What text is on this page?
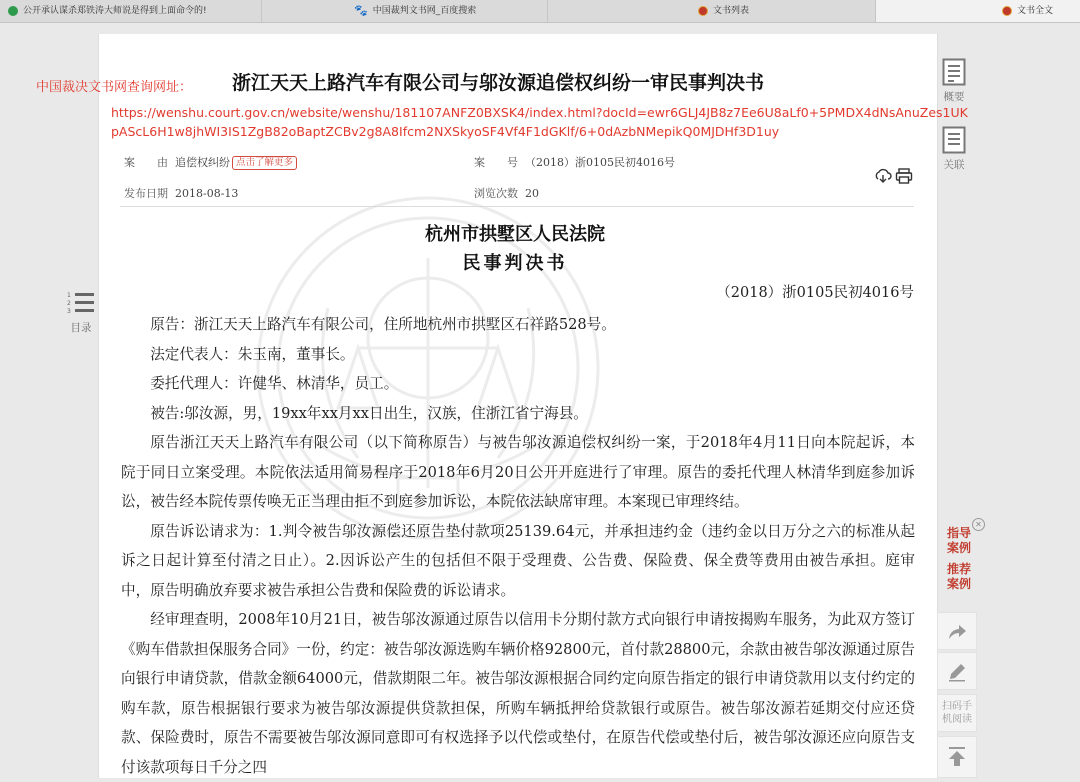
公开承认谋杀郑铁涛大师说是得到上面命令的!	🐾 中国裁判文书网_百度搜索	文书列表	文书全文
浙江天天上路汽车有限公司与邬汝源追偿权纠纷一审民事判决书
中国裁决文书网查询网址：
https://wenshu.court.gov.cn/website/wenshu/181107ANFZ0BXSK4/index.html?docId=ewr6GLJ4JB8z7Ee6U8aLf0+5PMDX4dNsAnuZes1UKpAScL6H1w8jhWI3IS1ZgB82oBaptZCBv2g8A8Ifcm2NXSkyoSF4Vf4F1dGKlf/6+0dAzbNMepikQ0MJDHf3D1uy
案　　由 追偿权纠纷 点击了解更多	案　　号 （2018）浙0105民初4016号
发布日期 2018-08-13	浏览次数 20
杭州市拱墅区人民法院
民事判决书
（2018）浙0105民初4016号

原告：浙江天天上路汽车有限公司，住所地杭州市拱墅区石祥路528号。

法定代表人：朱玉南，董事长。

委托代理人：许健华、林清华，员工。

被告:邬汝源，男，19xx年xx月xx日出生，汉族，住浙江省宁海县。

原告浙江天天上路汽车有限公司（以下简称原告）与被告邬汝源追偿权纠纷一案，于2018年4月11日向本院起诉，本院于同日立案受理。本院依法适用简易程序于2018年6月20日公开开庭进行了审理。原告的委托代理人林清华到庭参加诉讼，被告经本院传票传唤无正当理由拒不到庭参加诉讼，本院依法缺席审理。本案现已审理终结。

原告诉讼请求为：1.判令被告邬汝源偿还原告垫付款项25139.64元，并承担违约金（违约金以日万分之六的标准从起诉之日起计算至付清之日止）。2.因诉讼产生的包括但不限于受理费、公告费、保险费、保全费等费用由被告承担。庭审中，原告明确放弃要求被告承担公告费和保险费的诉讼请求。

经审理查明，2008年10月21日，被告邬汝源通过原告以信用卡分期付款方式向银行申请按揭购车服务，为此双方签订《购车借款担保服务合同》一份，约定：被告邬汝源选购车辆价格92800元，首付款28800元，余款由被告邬汝源通过原告向银行申请贷款，借款金额64000元，借款期限二年。被告邬汝源根据合同约定向原告指定的银行申请贷款用以支付约定的购车款，原告根据银行要求为被告邬汝源提供贷款担保，所购车辆抵押给贷款银行或原告。被告邬汝源若延期交付应还贷款、保险费时，原告不需要被告邬汝源同意即可有权选择予以代偿或垫付，在原告代偿或垫付后，被告邬汝源还应向原告支付该款项每日千分之四

1
2
3
目录
概要
关联
✕
指导案例
推荐案例
扫码手机阅读
